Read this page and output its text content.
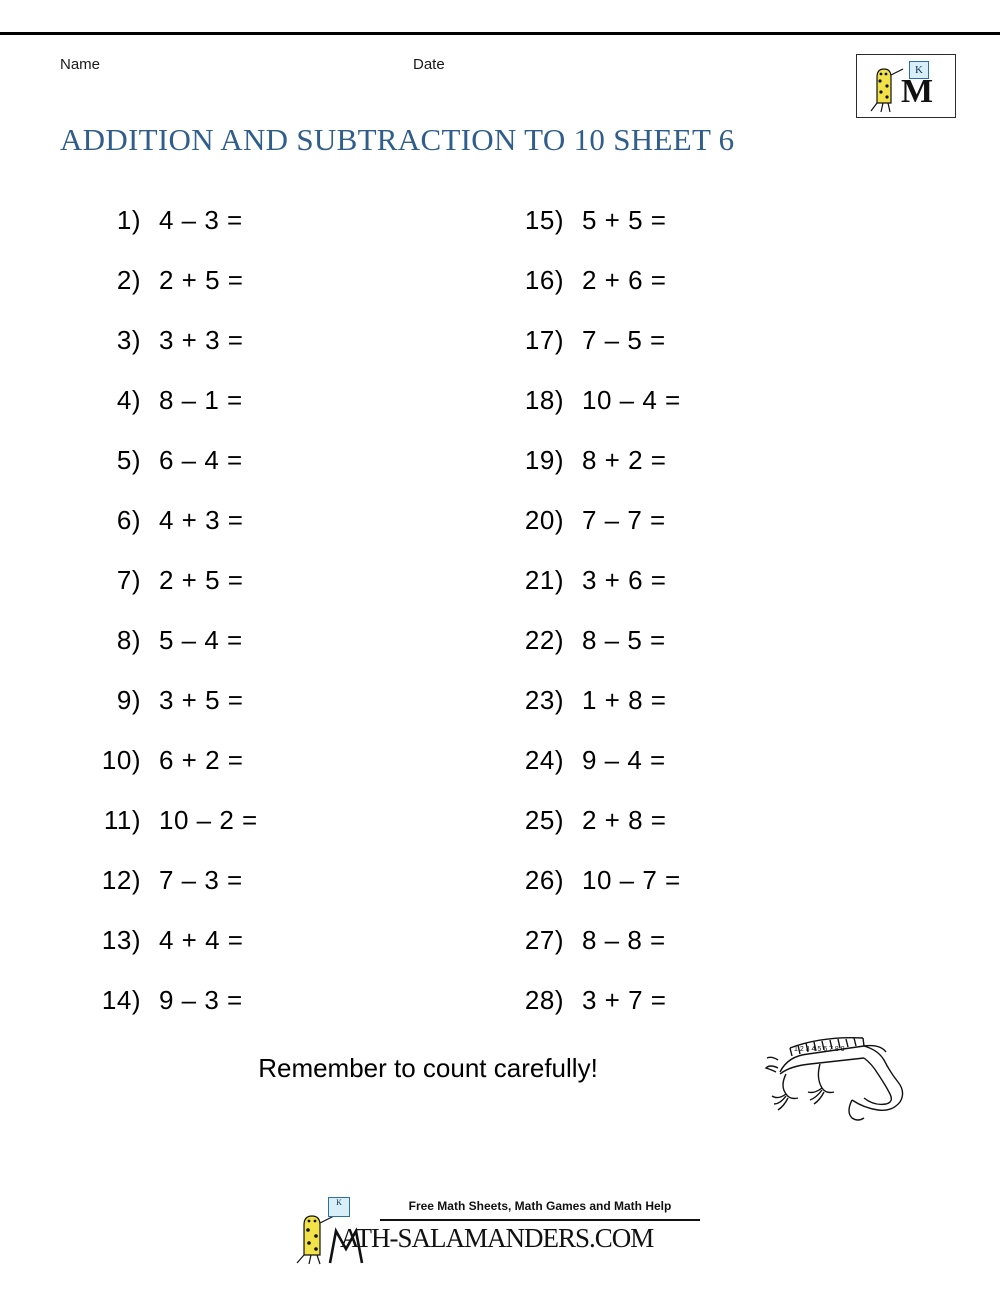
Name	Date	K
M
ADDITION AND SUBTRACTION TO 10 SHEET 6
1) 4 – 3 =
2) 2 + 5 =
3) 3 + 3 =
4) 8 – 1 =
5) 6 – 4 =
6) 4 + 3 =
7) 2 + 5 =
8) 5 – 4 =
9) 3 + 5 =
10) 6 + 2 =
11) 10 – 2 =
12) 7 – 3 =
13) 4 + 4 =
14) 9 – 3 =
15) 5 + 5 =
16) 2 + 6 =
17) 7 – 5 =
18) 10 – 4 =
19) 8 + 2 =
20) 7 – 7 =
21) 3 + 6 =
22) 8 – 5 =
23) 1 + 8 =
24) 9 – 4 =
25) 2 + 8 =
26) 10 – 7 =
27) 8 – 8 =
28) 3 + 7 =
Remember to count carefully!
1 2 3 4 5 6 7 8 9
K	Free Math Sheets, Math Games and Math Help
ATH-SALAMANDERS.COM
